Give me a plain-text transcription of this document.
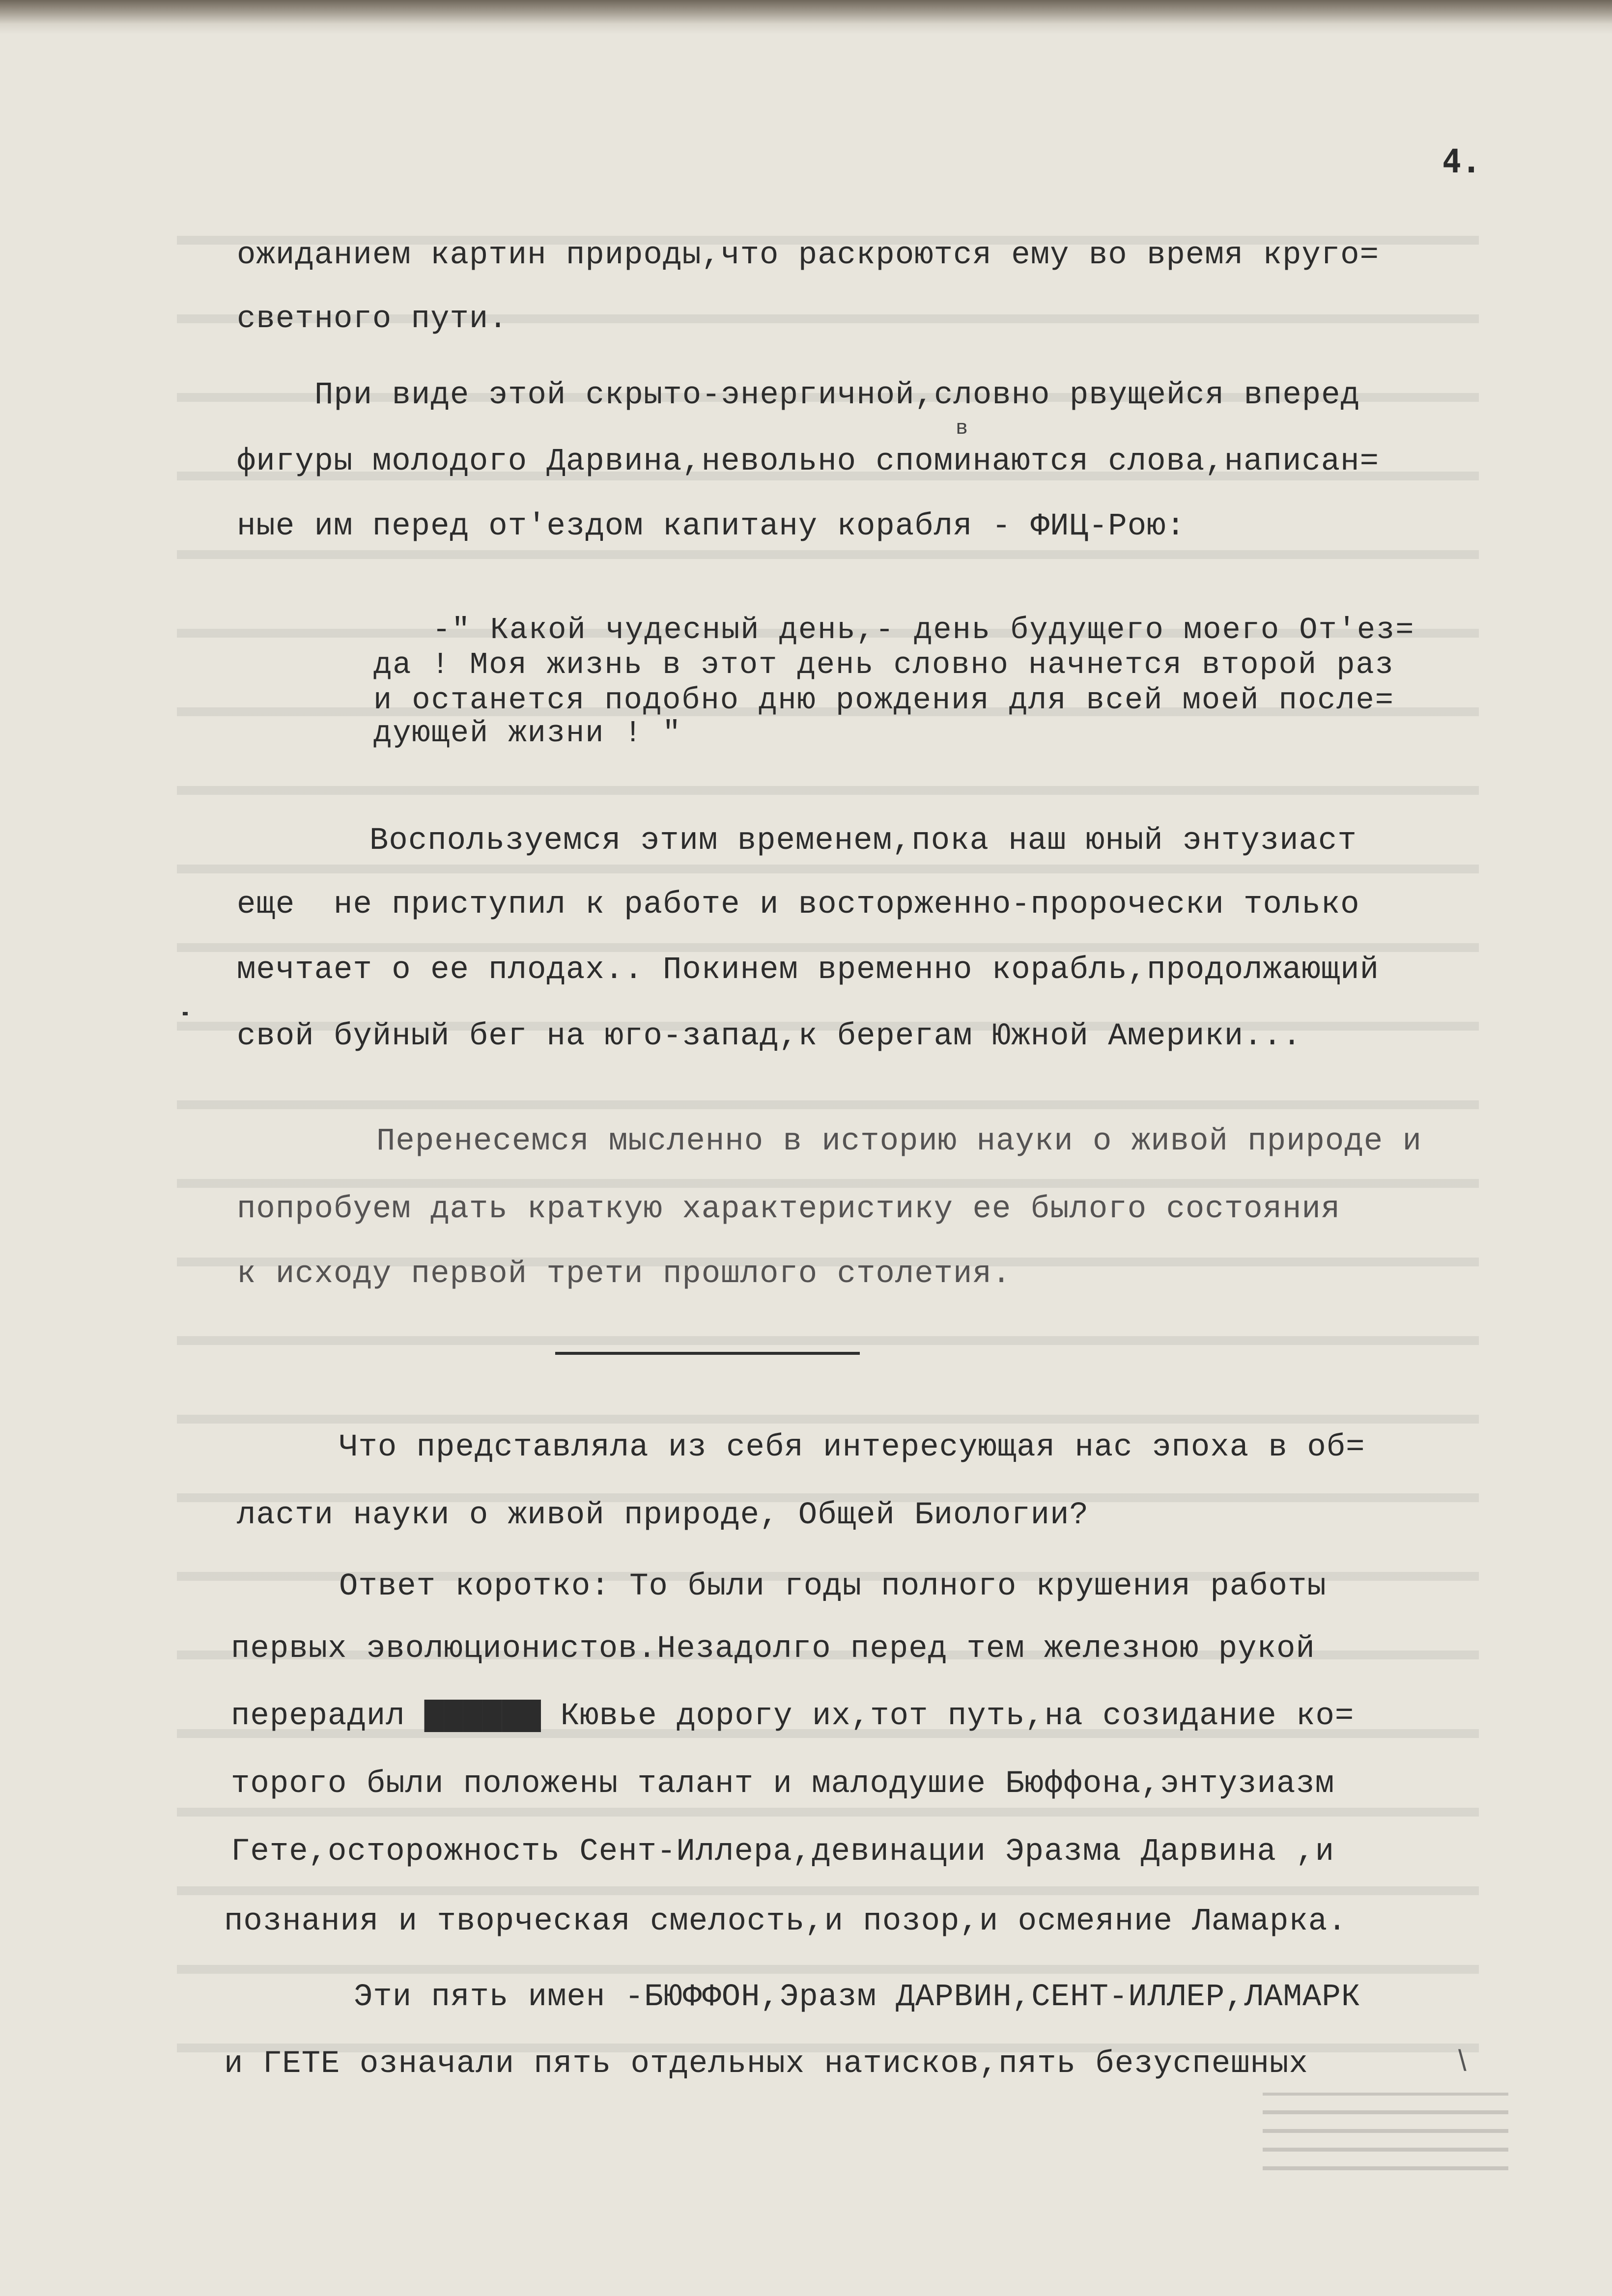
4.

ожиданием картин природы,что раскроются ему во время круго=

светного пути.

При виде этой скрыто-энергичной,словно рвущейся вперед

в

фигуры молодого Дарвина,невольно споминаются слова,написан=

ные им перед от'ездом капитану корабля - ФИЦ-Рою:

-" Какой чудесный день,- день будущего моего От'ез=

да ! Моя жизнь в этот день словно начнется второй раз

и останется подобно дню рождения для всей моей после=

дующей жизни ! "

Воспользуемся этим временем,пока наш юный энтузиаст

еще  не приступил к работе и восторженно-пророчески только

мечтает о ее плодах.. Покинем временно корабль,продолжающий

свой буйный бег на юго-запад,к берегам Южной Америки...

Перенесемся мысленно в историю науки о живой природе и

попробуем дать краткую характеристику ее былого состояния

к исходу первой трети прошлого столетия.

Что представляла из себя интересующая нас эпоха в об=

ласти науки о живой природе, Общей Биологии?

Ответ коротко: То были годы полного крушения работы

первых эволюционистов.Незадолго перед тем железною рукой

перерадил ▇▇▇▇▇▇ Кювье дорогу их,тот путь,на созидание ко=

торого были положены талант и малодушие Бюффона,энтузиазм

Гете,осторожность Сент-Иллера,девинации Эразма Дарвина ,и

познания и творческая смелость,и позор,и осмеяние Ламарка.

Эти пять имен -БЮФФОН,Эразм ДАРВИН,СЕНТ-ИЛЛЕР,ЛАМАРК

и ГЕТЕ означали пять отдельных натисков,пять безуспешных	\
